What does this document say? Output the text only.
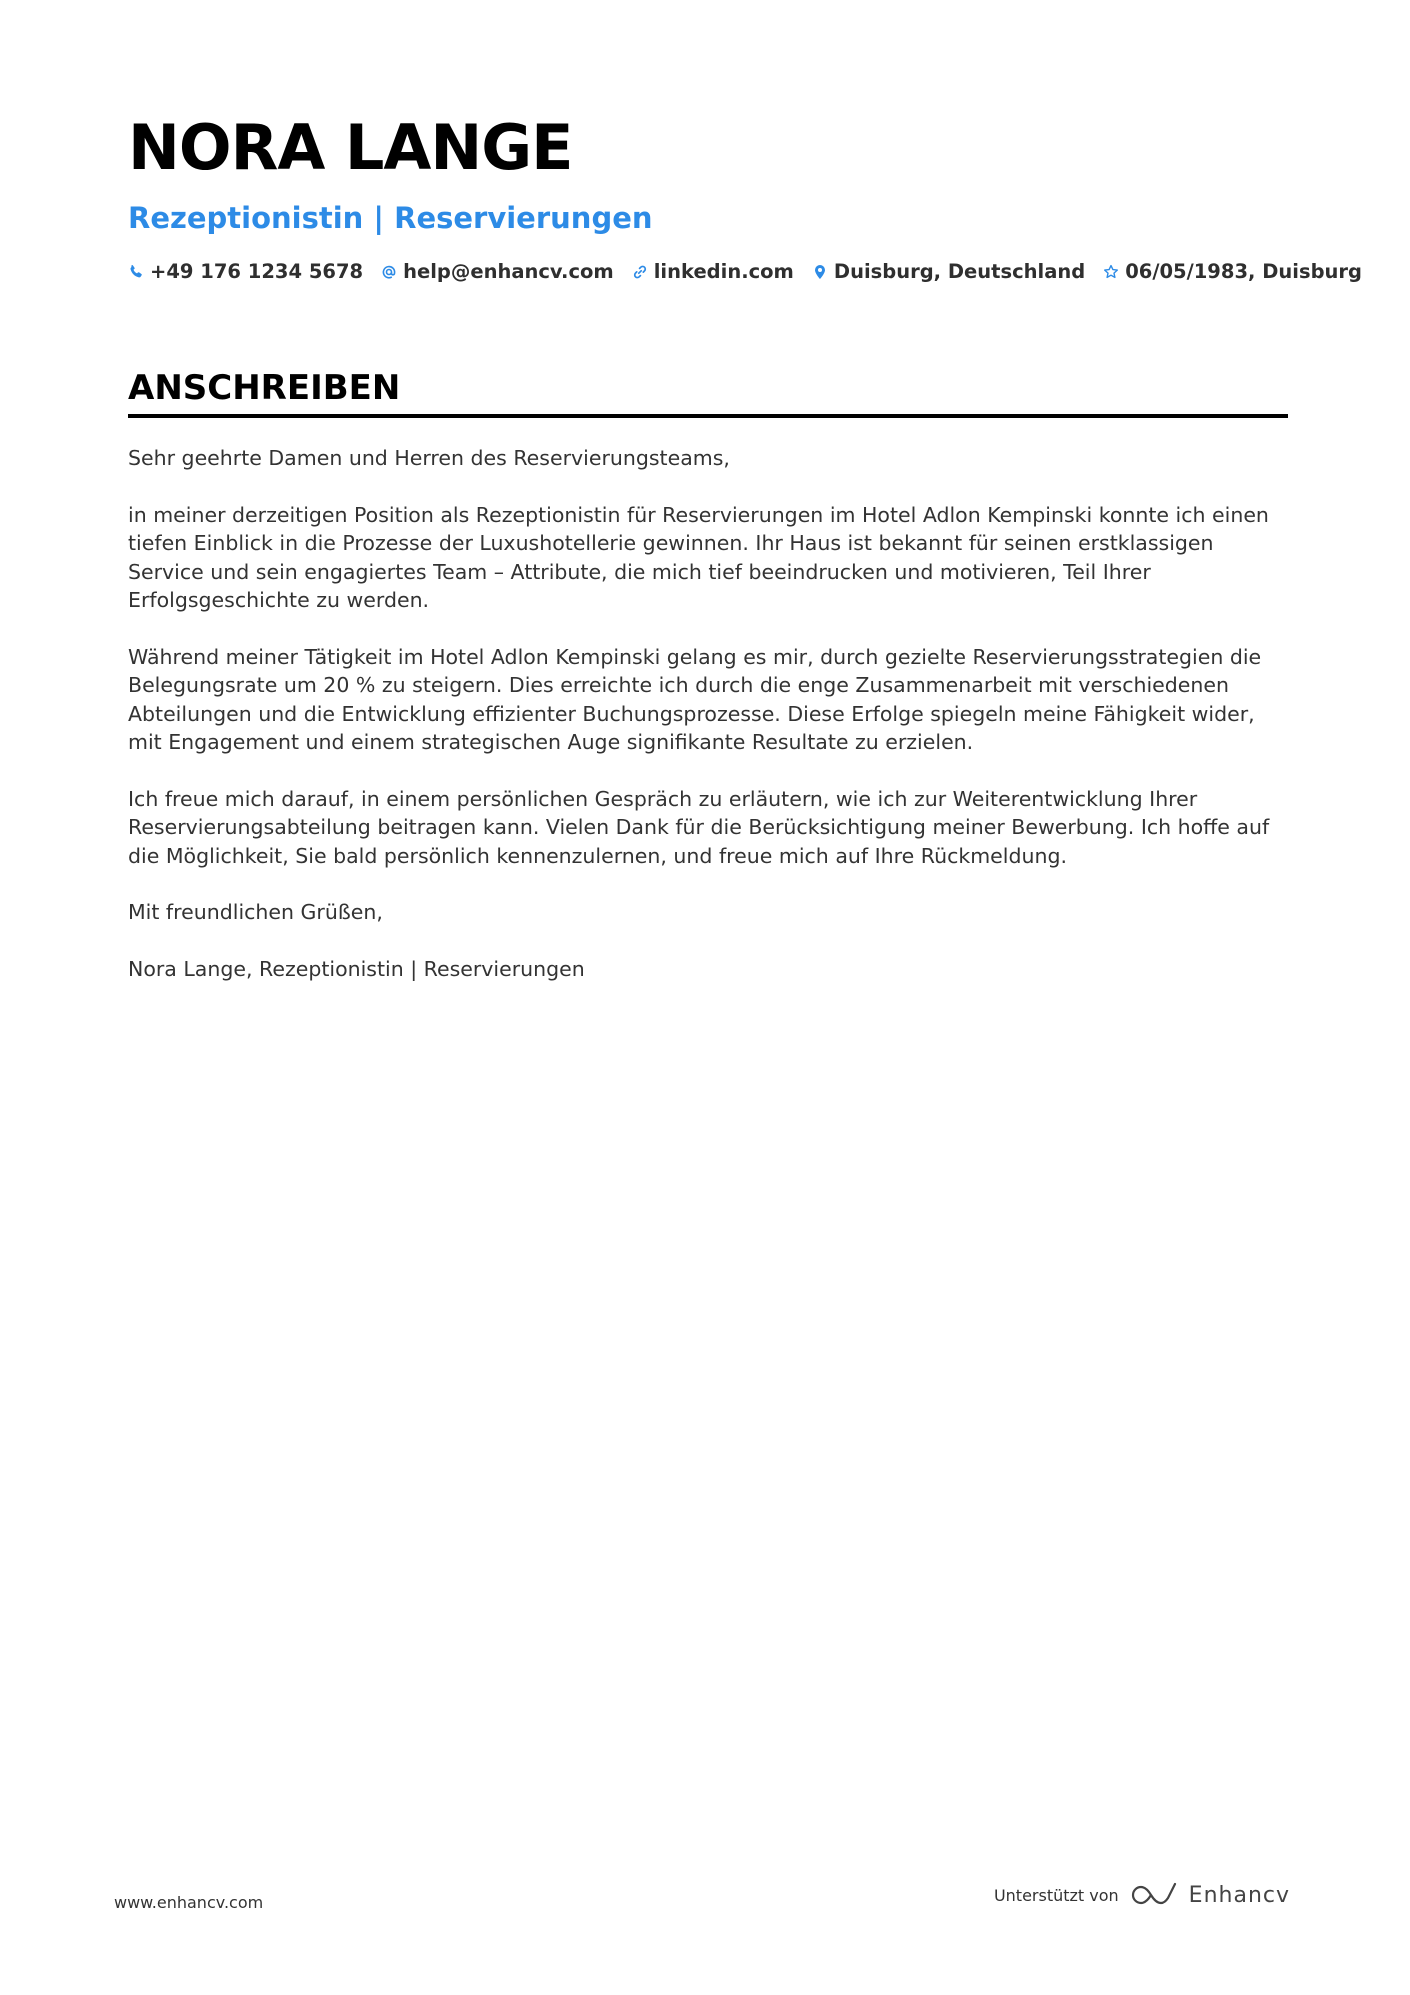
NORA LANGE
Rezeptionistin | Reservierungen
+49 176 1234 5678 help@enhancv.com linkedin.com Duisburg, Deutschland 06/05/1983, Duisburg
ANSCHREIBEN

Sehr geehrte Damen und Herren des Reservierungsteams,

in meiner derzeitigen Position als Rezeptionistin für Reservierungen im Hotel Adlon Kempinski konnte ich einen tiefen Einblick in die Prozesse der Luxushotellerie gewinnen. Ihr Haus ist bekannt für seinen erstklassigen Service und sein engagiertes Team – Attribute, die mich tief beeindrucken und motivieren, Teil Ihrer Erfolgsgeschichte zu werden.

Während meiner Tätigkeit im Hotel Adlon Kempinski gelang es mir, durch gezielte Reservierungsstrategien die Belegungsrate um 20 % zu steigern. Dies erreichte ich durch die enge Zusammenarbeit mit verschiedenen Abteilungen und die Entwicklung effizienter Buchungsprozesse. Diese Erfolge spiegeln meine Fähigkeit wider, mit Engagement und einem strategischen Auge signifikante Resultate zu erzielen.

Ich freue mich darauf, in einem persönlichen Gespräch zu erläutern, wie ich zur Weiterentwicklung Ihrer Reservierungsabteilung beitragen kann. Vielen Dank für die Berücksichtigung meiner Bewerbung. Ich hoffe auf die Möglichkeit, Sie bald persönlich kennenzulernen, und freue mich auf Ihre Rückmeldung.

Mit freundlichen Grüßen,

Nora Lange, Rezeptionistin | Reservierungen

www.enhancv.com	Unterstützt von	Enhancv
